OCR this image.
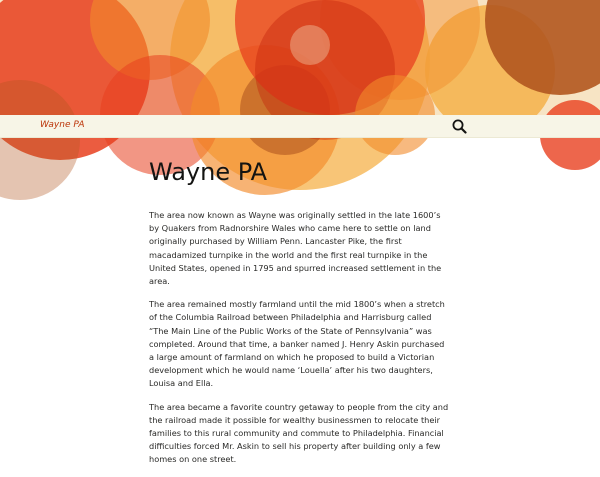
Wayne PA
Wayne PA

The area now known as Wayne was originally settled in the late 1600’s by Quakers from Radnorshire Wales who came here to settle on land originally purchased by William Penn. Lancaster Pike, the first macadamized turnpike in the world and the first real turnpike in the United States, opened in 1795 and spurred increased settlement in the area.

The area remained mostly farmland until the mid 1800’s when a stretch of the Columbia Railroad between Philadelphia and Harrisburg called “The Main Line of the Public Works of the State of Pennsylvania” was completed. Around that time, a banker named J. Henry Askin purchased a large amount of farmland on which he proposed to build a Victorian development which he would name ‘Louella’ after his two daughters, Louisa and Ella.

The area became a favorite country getaway to people from the city and the railroad made it possible for wealthy businessmen to relocate their families to this rural community and commute to Philadelphia. Financial difficulties forced Mr. Askin to sell his property after building only a few homes on one street.
